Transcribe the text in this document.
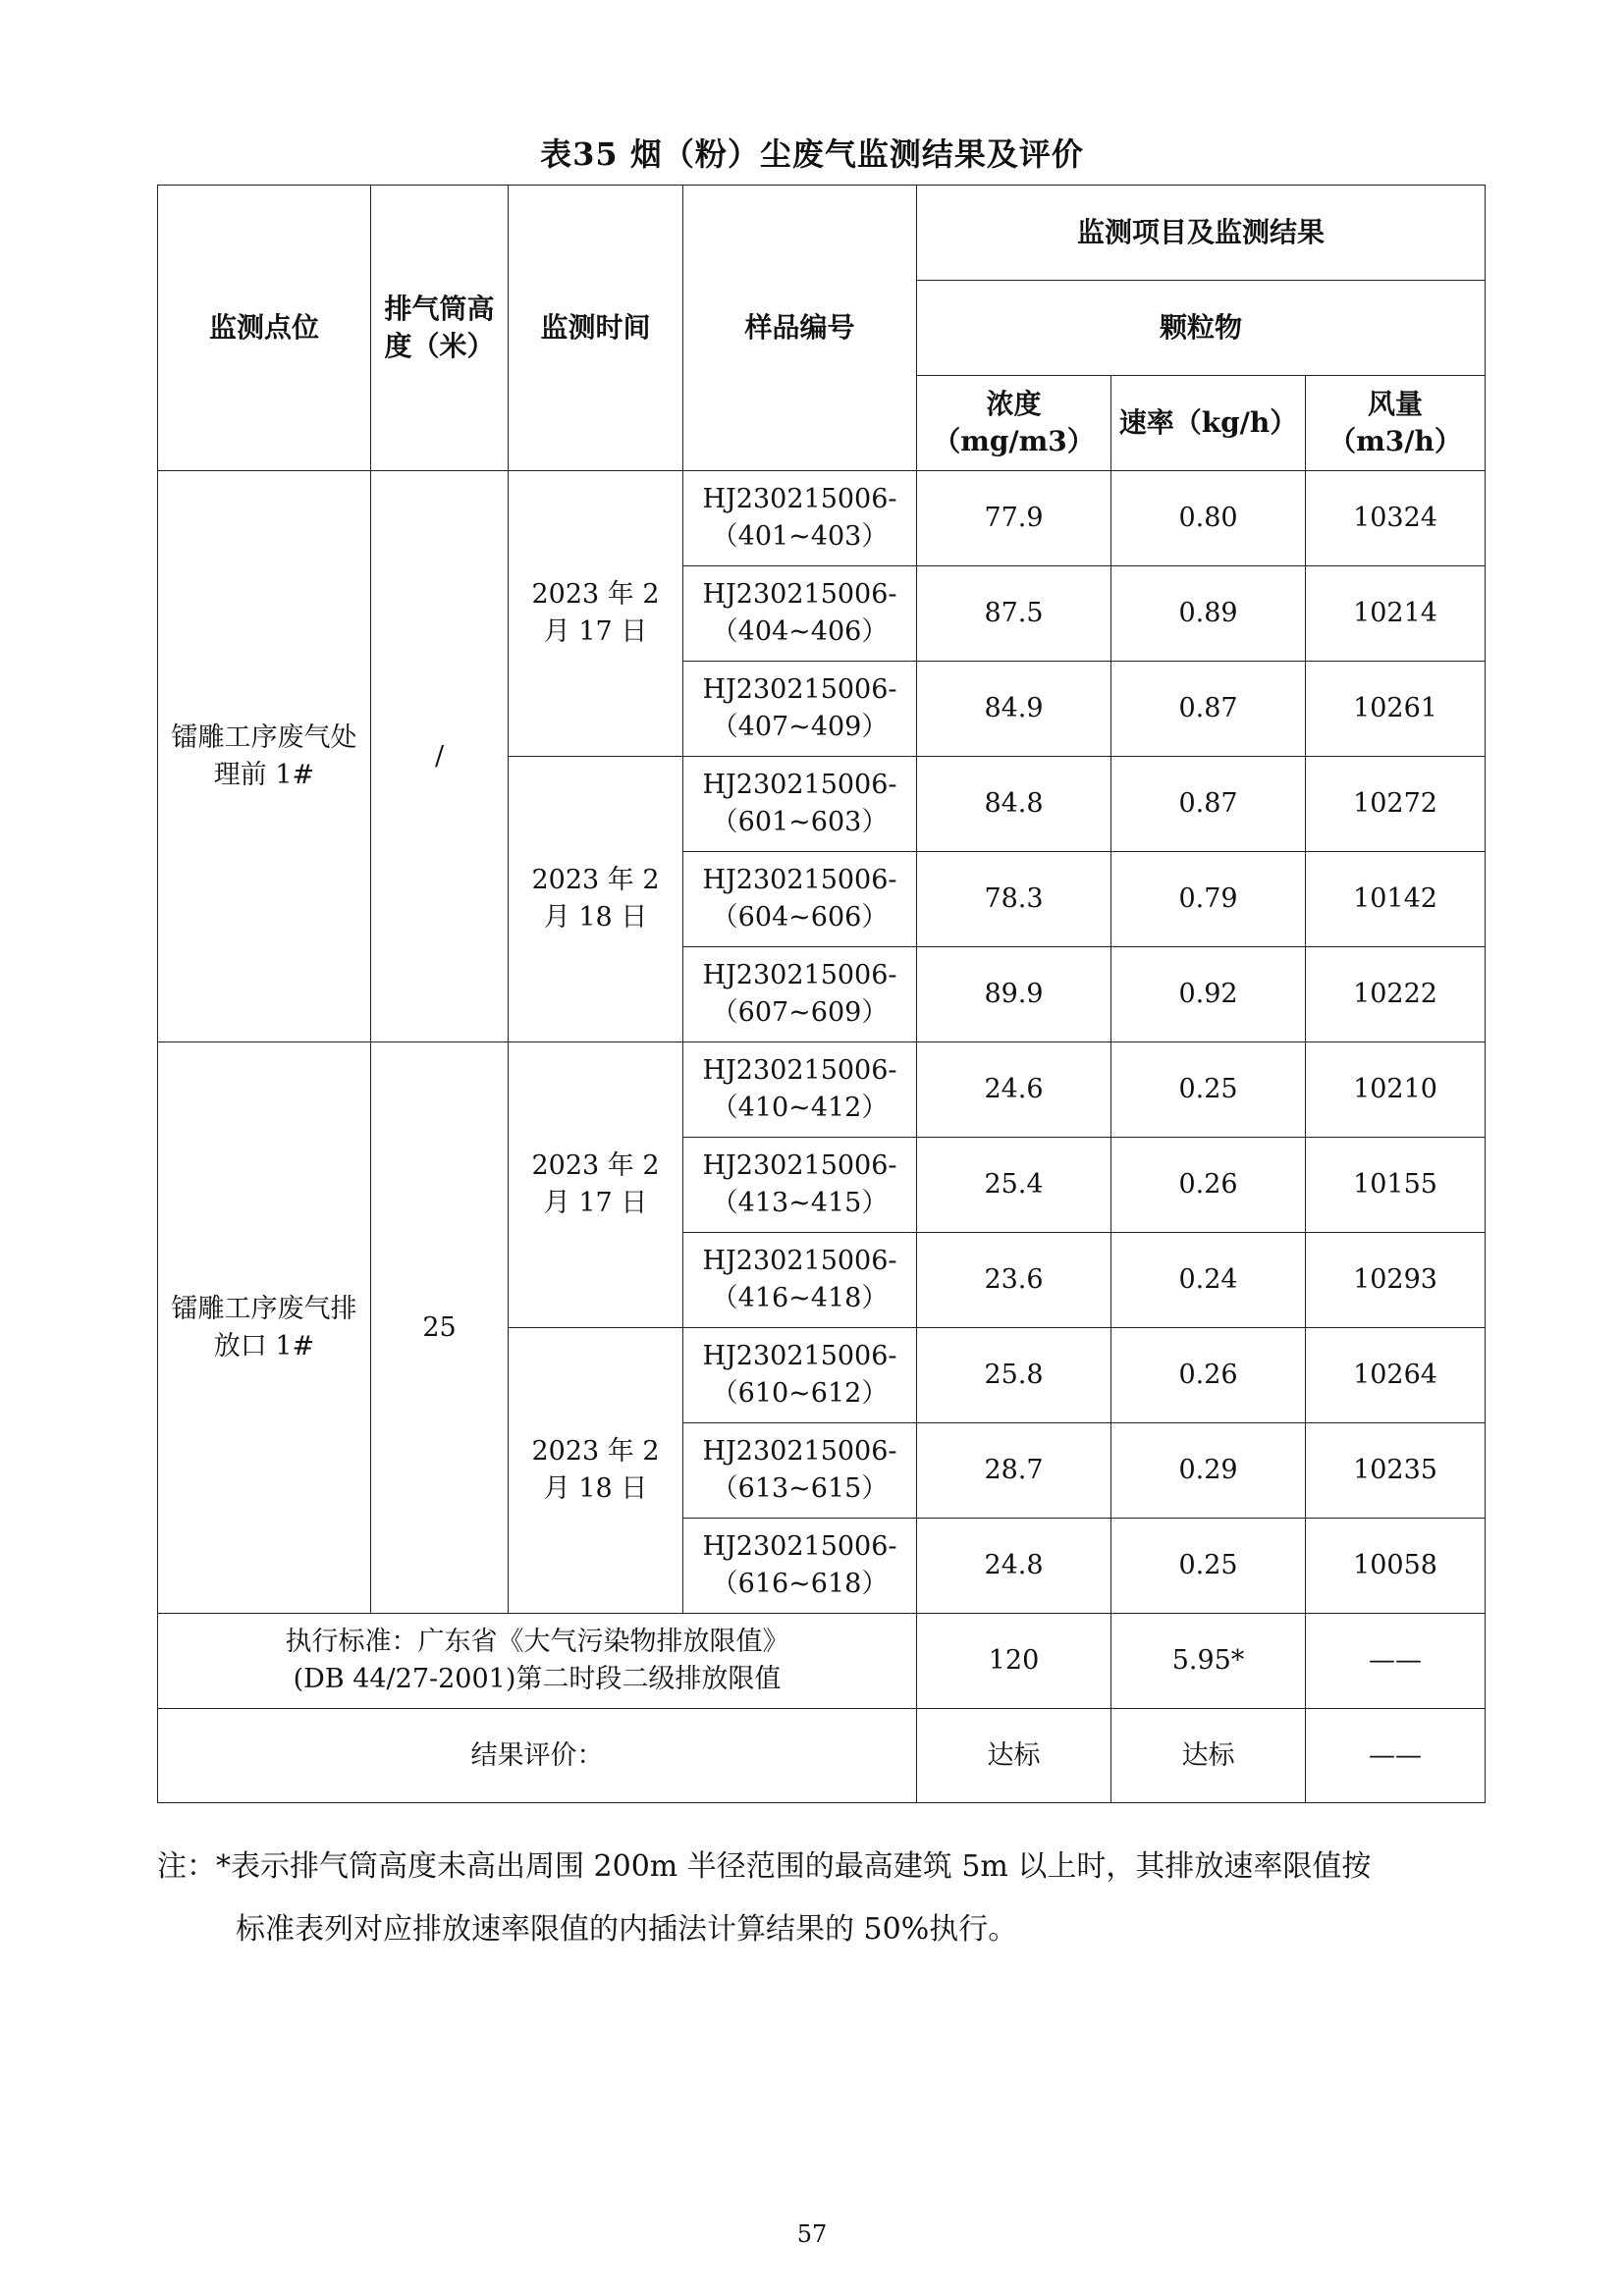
表35 烟（粉）尘废气监测结果及评价
监测点位	排气筒高度（米）	监测时间	样品编号	监测项目及监测结果		
				颗粒物		
				浓度（mg/m3）	速率（kg/h）	风量（m3/h）
镭雕工序废气处理前 1#	/	2023 年 2 月 17 日	HJ230215006-（401~403）	77.9	0.80	10324
			HJ230215006-（404~406）	87.5	0.89	10214
			HJ230215006-（407~409）	84.9	0.87	10261
		2023 年 2 月 18 日	HJ230215006-（601~603）	84.8	0.87	10272
			HJ230215006-（604~606）	78.3	0.79	10142
			HJ230215006-（607~609）	89.9	0.92	10222
镭雕工序废气排放口 1#	25	2023 年 2 月 17 日	HJ230215006-（410~412）	24.6	0.25	10210
			HJ230215006-（413~415）	25.4	0.26	10155
			HJ230215006-（416~418）	23.6	0.24	10293
		2023 年 2 月 18 日	HJ230215006-（610~612）	25.8	0.26	10264
			HJ230215006-（613~615）	28.7	0.29	10235
			HJ230215006-（616~618）	24.8	0.25	10058

执行标准：广东省《大气污染物排放限值》
(DB 44/27-2001)第二时段二级排放限值				120	5.95*	——
结果评价：				达标	达标	——
注：*表示排气筒高度未高出周围 200m 半径范围的最高建筑 5m 以上时，其排放速率限值按
标准表列对应排放速率限值的内插法计算结果的 50%执行。
57
